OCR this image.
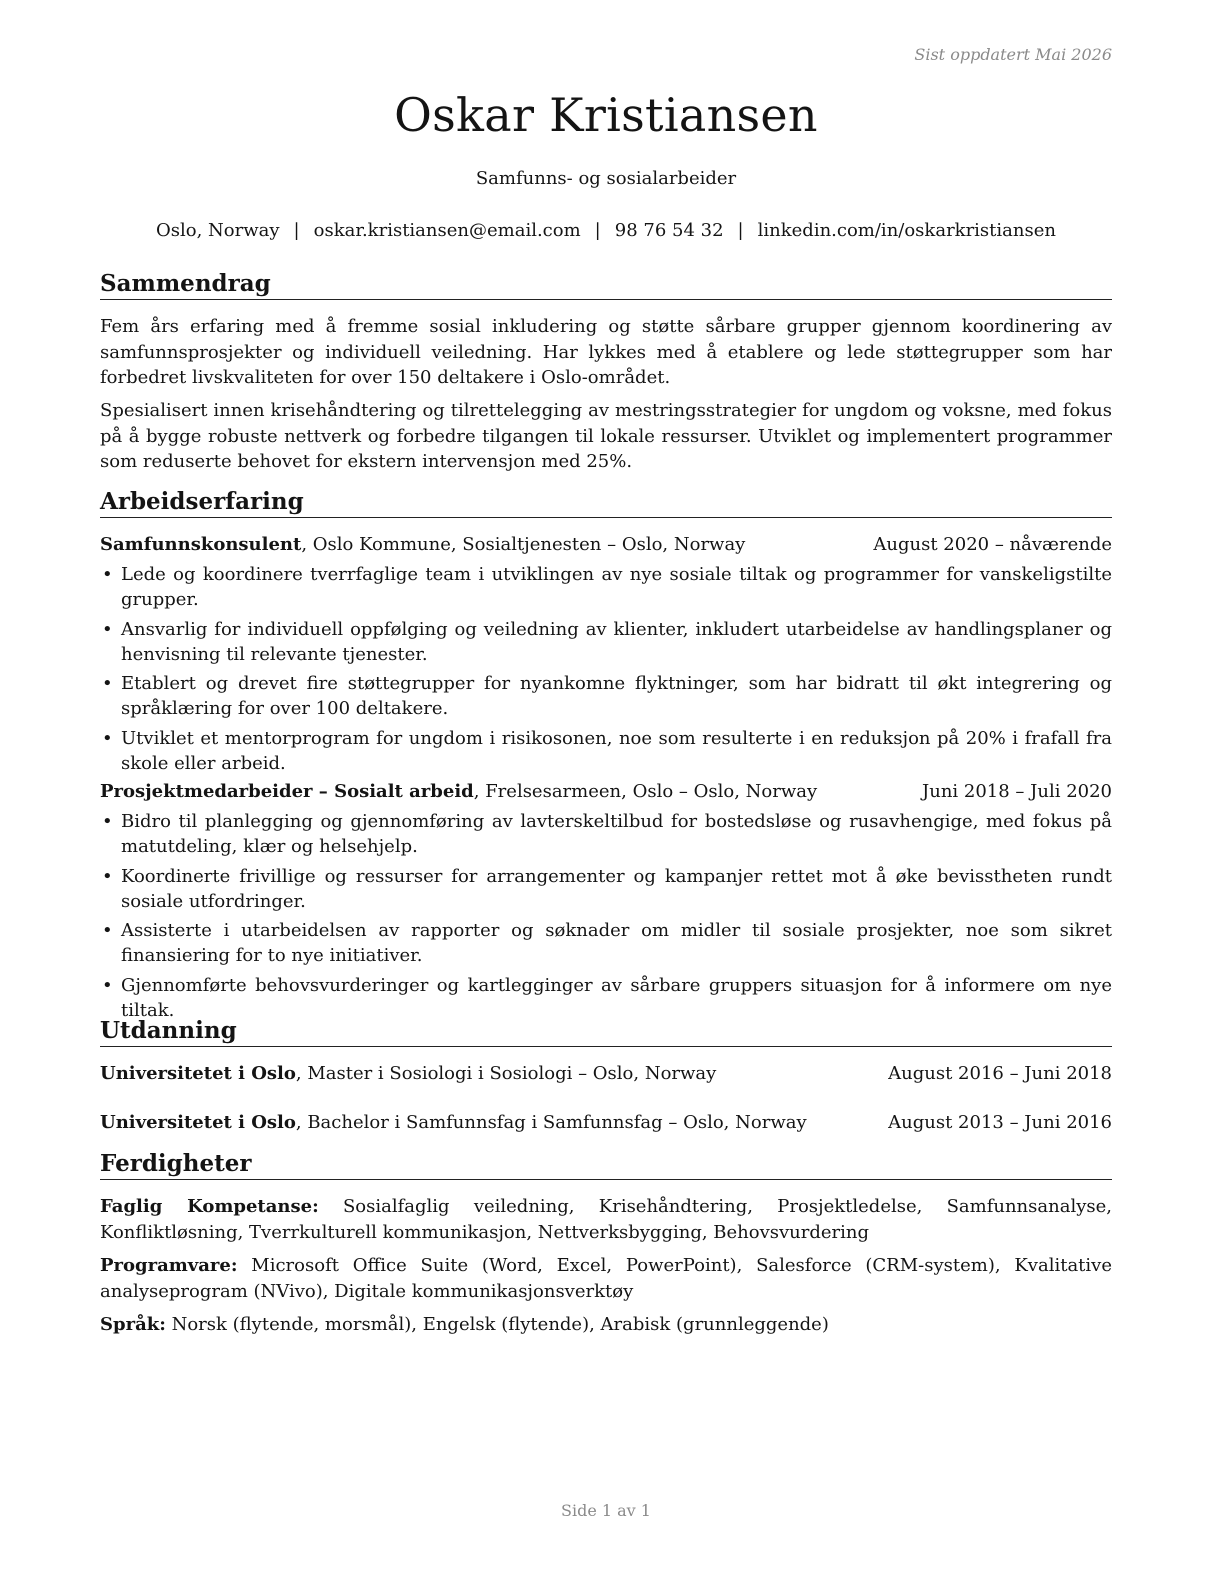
Sist oppdatert Mai 2026
Oskar Kristiansen
Samfunns- og sosialarbeider
Oslo, Norway | oskar.kristiansen@email.com | 98 76 54 32 | linkedin.com/in/oskarkristiansen
Sammendrag

Fem års erfaring med å fremme sosial inkludering og støtte sårbare grupper gjennom koordinering av samfunnsprosjekter og individuell veiledning. Har lykkes med å etablere og lede støttegrupper som har forbedret livskvaliteten for over 150 deltakere i Oslo-området.

Spesialisert innen krisehåndtering og tilrettelegging av mestringsstrategier for ungdom og voksne, med fokus på å bygge robuste nettverk og forbedre tilgangen til lokale ressurser. Utviklet og implementert programmer som reduserte behovet for ekstern intervensjon med 25%.

Arbeidserfaring
Samfunnskonsulent, Oslo Kommune, Sosialtjenesten – Oslo, Norway	August 2020 – nåværende
• Lede og koordinere tverrfaglige team i utviklingen av nye sosiale tiltak og programmer for vanskeligstilte grupper.
• Ansvarlig for individuell oppfølging og veiledning av klienter, inkludert utarbeidelse av handlingsplaner og henvisning til relevante tjenester.
• Etablert og drevet fire støttegrupper for nyankomne flyktninger, som har bidratt til økt integrering og språklæring for over 100 deltakere.
• Utviklet et mentorprogram for ungdom i risikosonen, noe som resulterte i en reduksjon på 20% i frafall fra skole eller arbeid.
Prosjektmedarbeider – Sosialt arbeid, Frelsesarmeen, Oslo – Oslo, Norway	Juni 2018 – Juli 2020
• Bidro til planlegging og gjennomføring av lavterskeltilbud for bostedsløse og rusavhengige, med fokus på matutdeling, klær og helsehjelp.
• Koordinerte frivillige og ressurser for arrangementer og kampanjer rettet mot å øke bevisstheten rundt sosiale utfordringer.
• Assisterte i utarbeidelsen av rapporter og søknader om midler til sosiale prosjekter, noe som sikret finansiering for to nye initiativer.
• Gjennomførte behovsvurderinger og kartlegginger av sårbare gruppers situasjon for å informere om nye tiltak.
Utdanning
Universitetet i Oslo, Master i Sosiologi i Sosiologi – Oslo, Norway	August 2016 – Juni 2018
Universitetet i Oslo, Bachelor i Samfunnsfag i Samfunnsfag – Oslo, Norway	August 2013 – Juni 2016
Ferdigheter
Faglig Kompetanse: Sosialfaglig veiledning, Krisehåndtering, Prosjektledelse, Samfunnsanalyse, Konfliktløsning, Tverrkulturell kommunikasjon, Nettverksbygging, Behovsvurdering
Programvare: Microsoft Office Suite (Word, Excel, PowerPoint), Salesforce (CRM-system), Kvalitative analyseprogram (NVivo), Digitale kommunikasjonsverktøy
Språk: Norsk (flytende, morsmål), Engelsk (flytende), Arabisk (grunnleggende)
Side 1 av 1
